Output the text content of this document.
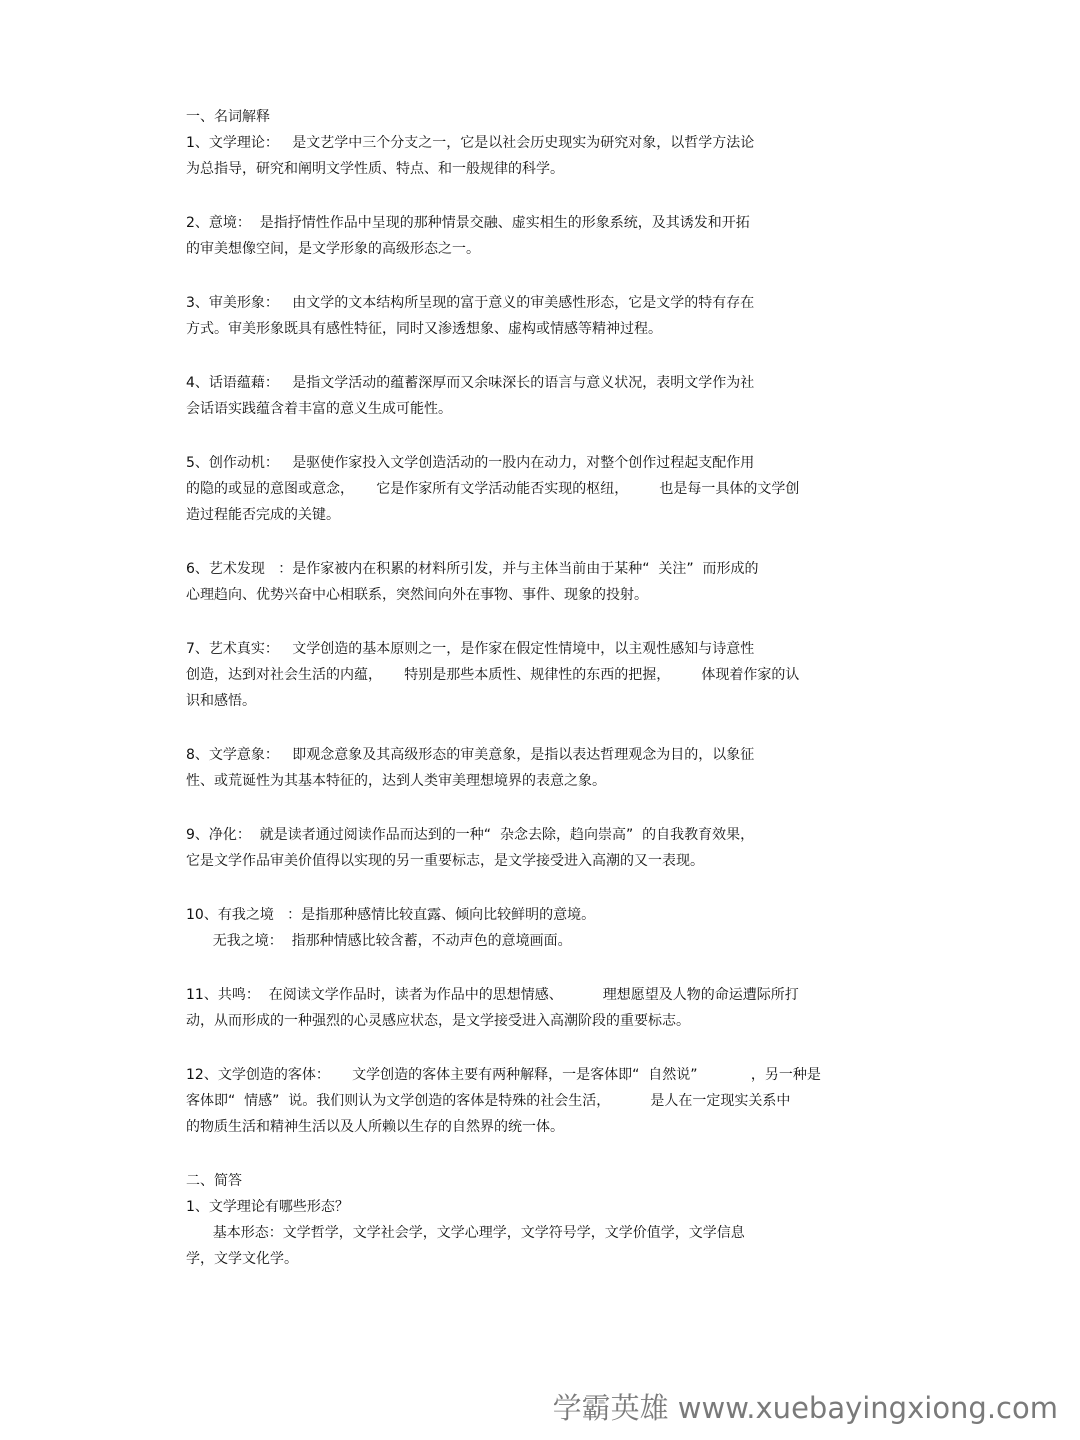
一、名词解释
1、文学理论：   是文艺学中三个分支之一，它是以社会历史现实为研究对象，以哲学方法论
为总指导，研究和阐明文学性质、特点、和一般规律的科学。
2、意境：  是指抒情性作品中呈现的那种情景交融、虚实相生的形象系统，及其诱发和开拓
的审美想像空间，是文学形象的高级形态之一。
3、审美形象：   由文学的文本结构所呈现的富于意义的审美感性形态，它是文学的特有存在
方式。审美形象既具有感性特征，同时又渗透想象、虚构或情感等精神过程。
4、话语蕴藉：   是指文学活动的蕴蓄深厚而又余味深长的语言与意义状况，表明文学作为社
会话语实践蕴含着丰富的意义生成可能性。
5、创作动机：   是驱使作家投入文学创造活动的一股内在动力，对整个创作过程起支配作用
的隐的或显的意图或意念，     它是作家所有文学活动能否实现的枢纽，       也是每一具体的文学创
造过程能否完成的关键。
6、艺术发现   ：是作家被内在积累的材料所引发，并与主体当前由于某种“  关注”  而形成的
心理趋向、优势兴奋中心相联系，突然间向外在事物、事件、现象的投射。
7、艺术真实：   文学创造的基本原则之一，是作家在假定性情境中，以主观性感知与诗意性
创造，达到对社会生活的内蕴，     特别是那些本质性、规律性的东西的把握，       体现着作家的认
识和感悟。
8、文学意象：   即观念意象及其高级形态的审美意象，是指以表达哲理观念为目的，以象征
性、或荒诞性为其基本特征的，达到人类审美理想境界的表意之象。
9、净化：  就是读者通过阅读作品而达到的一种“  杂念去除，趋向崇高”  的自我教育效果，
它是文学作品审美价值得以实现的另一重要标志，是文学接受进入高潮的又一表现。
10、有我之境   ：是指那种感情比较直露、倾向比较鲜明的意境。
无我之境：  指那种情感比较含蓄，不动声色的意境画面。
11、共鸣：  在阅读文学作品时，读者为作品中的思想情感、         理想愿望及人物的命运遭际所打
动，从而形成的一种强烈的心灵感应状态，是文学接受进入高潮阶段的重要标志。
12、文学创造的客体：     文学创造的客体主要有两种解释，一是客体即“  自然说”            ，另一种是
客体即“  情感”  说。我们则认为文学创造的客体是特殊的社会生活，         是人在一定现实关系中
的物质生活和精神生活以及人所赖以生存的自然界的统一体。
二、简答
1、文学理论有哪些形态？
基本形态：文学哲学，文学社会学，文学心理学，文学符号学，文学价值学，文学信息
学，文学文化学。
学霸英雄 www.xuebayingxiong.com
